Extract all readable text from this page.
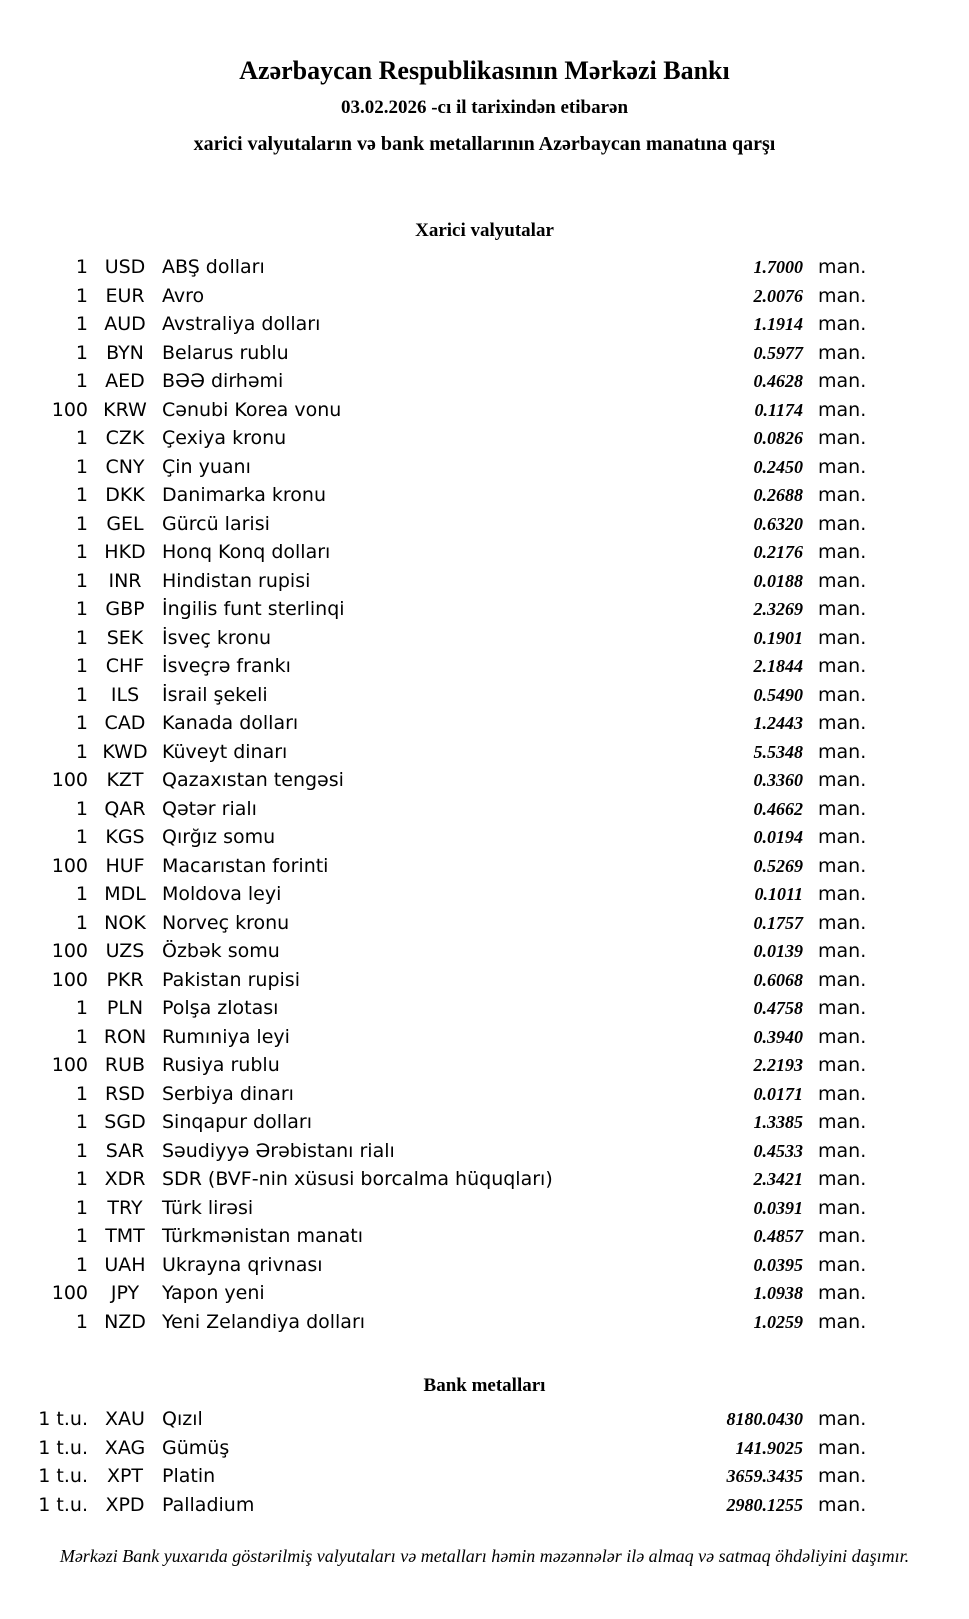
Azərbaycan Respublikasının Mərkəzi Bankı
03.02.2026 -cı il tarixindən etibarən
xarici valyutaların və bank metallarının Azərbaycan manatına qarşı
Xarici valyutalar
1 USD ABŞ dolları	1.7000 man.
1 EUR Avro	2.0076 man.
1 AUD Avstraliya dolları	1.1914 man.
1 BYN Belarus rublu	0.5977 man.
1 AED BƏƏ dirhəmi	0.4628 man.
100 KRW Cənubi Korea vonu	0.1174 man.
1 CZK Çexiya kronu	0.0826 man.
1 CNY Çin yuanı	0.2450 man.
1 DKK Danimarka kronu	0.2688 man.
1 GEL Gürcü larisi	0.6320 man.
1 HKD Honq Konq dolları	0.2176 man.
1	INR	Hindistan rupisi	0.0188 man.
1 GBP İngilis funt sterlinqi	2.3269 man.
1 SEK İsveç kronu	0.1901 man.
1 CHF İsveçrə frankı	2.1844 man.
1	ILS	İsrail şekeli	0.5490 man.
1 CAD Kanada dolları	1.2443 man.
1 KWD Küveyt dinarı	5.5348 man.
100 KZT Qazaxıstan tengəsi	0.3360 man.
1 QAR Qətər rialı	0.4662 man.
1 KGS Qırğız somu	0.0194 man.
100 HUF Macarıstan forinti	0.5269 man.
1 MDL Moldova leyi	0.1011 man.
1 NOK Norveç kronu	0.1757 man.
100 UZS Özbək somu	0.0139 man.
100 PKR Pakistan rupisi	0.6068 man.
1 PLN Polşa zlotası	0.4758 man.
1 RON Rumıniya leyi	0.3940 man.
100 RUB Rusiya rublu	2.2193 man.
1 RSD Serbiya dinarı	0.0171 man.
1 SGD Sinqapur dolları	1.3385 man.
1 SAR Səudiyyə Ərəbistanı rialı	0.4533 man.
1 XDR SDR (BVF-nin xüsusi borcalma hüquqları)	2.3421 man.
1	TRY	Türk lirəsi	0.0391 man.
1 TMT Türkmənistan manatı	0.4857 man.
1 UAH Ukrayna qrivnası	0.0395 man.
100	JPY	Yapon yeni	1.0938 man.
1 NZD Yeni Zelandiya dolları	1.0259 man.
Bank metalları
1 t.u. XAU Qızıl	8180.0430 man.
1 t.u. XAG Gümüş	141.9025 man.
1 t.u. XPT Platin	3659.3435 man.
1 t.u. XPD Palladium	2980.1255 man.
Mərkəzi Bank yuxarıda göstərilmiş valyutaları və metalları həmin məzənnələr ilə almaq və satmaq öhdəliyini daşımır.
